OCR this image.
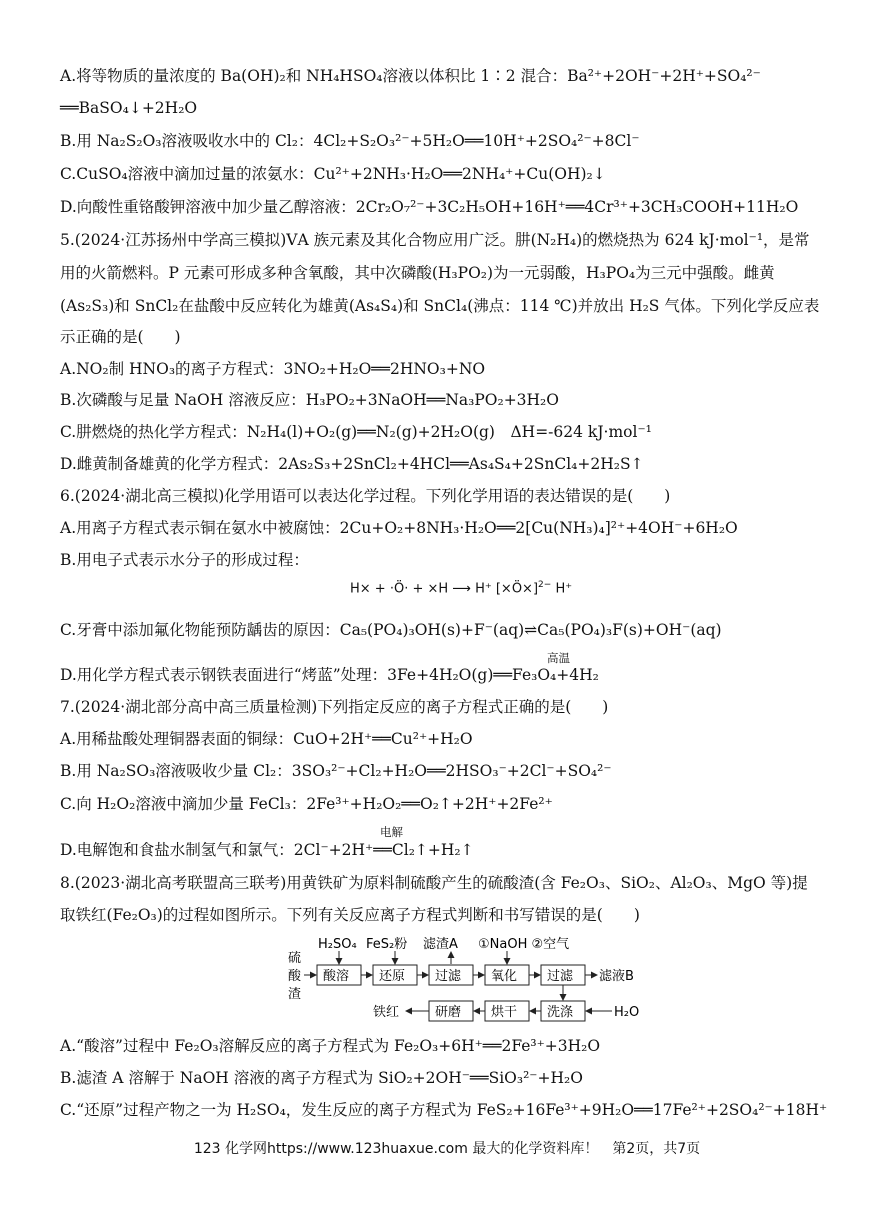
A.将等物质的量浓度的 Ba(OH)₂和 NH₄HSO₄溶液以体积比 1∶2 混合：Ba²⁺+2OH⁻+2H⁺+SO₄²⁻
══BaSO₄↓+2H₂O
B.用 Na₂S₂O₃溶液吸收水中的 Cl₂：4Cl₂+S₂O₃²⁻+5H₂O══10H⁺+2SO₄²⁻+8Cl⁻
C.CuSO₄溶液中滴加过量的浓氨水：Cu²⁺+2NH₃·H₂O══2NH₄⁺+Cu(OH)₂↓
D.向酸性重铬酸钾溶液中加少量乙醇溶液：2Cr₂O₇²⁻+3C₂H₅OH+16H⁺══4Cr³⁺+3CH₃COOH+11H₂O
5.(2024·江苏扬州中学高三模拟)ⅤA 族元素及其化合物应用广泛。肼(N₂H₄)的燃烧热为 624 kJ·mol⁻¹，是常
用的火箭燃料。P 元素可形成多种含氧酸，其中次磷酸(H₃PO₂)为一元弱酸，H₃PO₄为三元中强酸。雌黄
(As₂S₃)和 SnCl₂在盐酸中反应转化为雄黄(As₄S₄)和 SnCl₄(沸点：114 ℃)并放出 H₂S 气体。下列化学反应表
示正确的是(　　)
A.NO₂制 HNO₃的离子方程式：3NO₂+H₂O══2HNO₃+NO
B.次磷酸与足量 NaOH 溶液反应：H₃PO₂+3NaOH══Na₃PO₂+3H₂O
C.肼燃烧的热化学方程式：N₂H₄(l)+O₂(g)══N₂(g)+2H₂O(g)　ΔH=-624 kJ·mol⁻¹
D.雌黄制备雄黄的化学方程式：2As₂S₃+2SnCl₂+4HCl══As₄S₄+2SnCl₄+2H₂S↑
6.(2024·湖北高三模拟)化学用语可以表达化学过程。下列化学用语的表达错误的是(　　)
A.用离子方程式表示铜在氨水中被腐蚀：2Cu+O₂+8NH₃·H₂O══2[Cu(NH₃)₄]²⁺+4OH⁻+6H₂O
B.用电子式表示水分子的形成过程：
H× + ·Ö· + ×H ⟶ H⁺ [×Ö×]$^{2-}$ H⁺
C.牙膏中添加氟化物能预防龋齿的原因：Ca₅(PO₄)₃OH(s)+F⁻(aq)⇌Ca₅(PO₄)₃F(s)+OH⁻(aq)
D.用化学方程式表示钢铁表面进行“烤蓝”处理：3Fe+4H₂O(g)══Fe₃O₄+4H₂
高温
7.(2024·湖北部分高中高三质量检测)下列指定反应的离子方程式正确的是(　　)
A.用稀盐酸处理铜器表面的铜绿：CuO+2H⁺══Cu²⁺+H₂O
B.用 Na₂SO₃溶液吸收少量 Cl₂：3SO₃²⁻+Cl₂+H₂O══2HSO₃⁻+2Cl⁻+SO₄²⁻
C.向 H₂O₂溶液中滴加少量 FeCl₃：2Fe³⁺+H₂O₂══O₂↑+2H⁺+2Fe²⁺
D.电解饱和食盐水制氢气和氯气：2Cl⁻+2H⁺══Cl₂↑+H₂↑
电解
8.(2023·湖北高考联盟高三联考)用黄铁矿为原料制硫酸产生的硫酸渣(含 Fe₂O₃、SiO₂、Al₂O₃、MgO 等)提
取铁红(Fe₂O₃)的过程如图所示。下列有关反应离子方程式判断和书写错误的是(　　)
硫
酸
渣
酸溶 还原 过滤 氧化 过滤 滤液B
H₂SO₄ FeS₂粉 滤渣A ①NaOH ②空气
洗涤	H₂O
烘干
研磨
铁红
A.“酸溶”过程中 Fe₂O₃溶解反应的离子方程式为 Fe₂O₃+6H⁺══2Fe³⁺+3H₂O
B.滤渣 A 溶解于 NaOH 溶液的离子方程式为 SiO₂+2OH⁻══SiO₃²⁻+H₂O
C.“还原”过程产物之一为 H₂SO₄，发生反应的离子方程式为 FeS₂+16Fe³⁺+9H₂O══17Fe²⁺+2SO₄²⁻+18H⁺
123 化学网https://www.123huaxue.com 最大的化学资料库！　第2页，共7页
